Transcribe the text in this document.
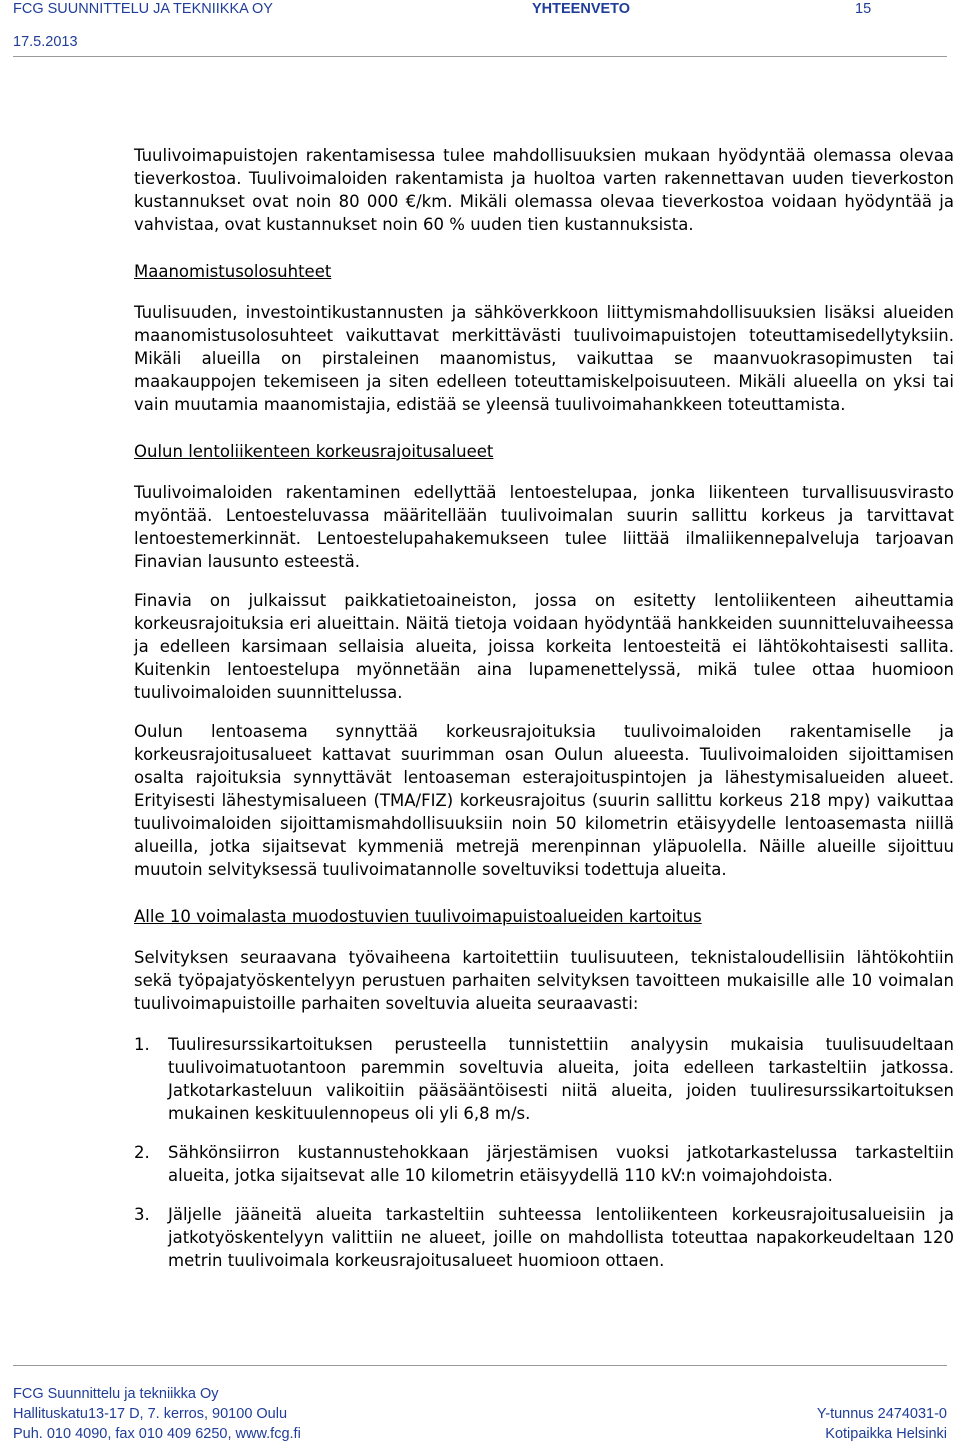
FCG SUUNNITTELU JA TEKNIIKKA OY	YHTEENVETO	15
17.5.2013

Tuulivoimapuistojen rakentamisessa tulee mahdollisuuksien mukaan hyödyntää olemassa olevaa tieverkostoa. Tuulivoimaloiden rakentamista ja huoltoa varten rakennettavan uuden tieverkoston kustannukset ovat noin 80 000 €/km. Mikäli olemassa olevaa tieverkostoa voidaan hyödyntää ja vahvistaa, ovat kustannukset noin 60 % uuden tien kustannuksista.

Maanomistusolosuhteet

Tuulisuuden, investointikustannusten ja sähköverkkoon liittymismahdollisuuksien lisäksi alueiden maanomistusolosuhteet vaikuttavat merkittävästi tuulivoimapuistojen toteuttamisedellytyksiin. Mikäli alueilla on pirstaleinen maanomistus, vaikuttaa se maanvuokrasopimusten tai maakauppojen tekemiseen ja siten edelleen toteuttamiskelpoisuuteen. Mikäli alueella on yksi tai vain muutamia maanomistajia, edistää se yleensä tuulivoimahankkeen toteuttamista.

Oulun lentoliikenteen korkeusrajoitusalueet

Tuulivoimaloiden rakentaminen edellyttää lentoestelupaa, jonka liikenteen turvallisuusvirasto myöntää. Lentoesteluvassa määritellään tuulivoimalan suurin sallittu korkeus ja tarvittavat lentoestemerkinnät. Lentoestelupahakemukseen tulee liittää ilmaliikennepalveluja tarjoavan Finavian lausunto esteestä.

Finavia on julkaissut paikkatietoaineiston, jossa on esitetty lentoliikenteen aiheuttamia korkeusrajoituksia eri alueittain. Näitä tietoja voidaan hyödyntää hankkeiden suunnitteluvaiheessa ja edelleen karsimaan sellaisia alueita, joissa korkeita lentoesteitä ei lähtökohtaisesti sallita. Kuitenkin lentoestelupa myönnetään aina lupamenettelyssä, mikä tulee ottaa huomioon tuulivoimaloiden suunnittelussa.

Oulun lentoasema synnyttää korkeusrajoituksia tuulivoimaloiden rakentamiselle ja korkeusrajoitusalueet kattavat suurimman osan Oulun alueesta. Tuulivoimaloiden sijoittamisen osalta rajoituksia synnyttävät lentoaseman esterajoituspintojen ja lähestymisalueiden alueet. Erityisesti lähestymisalueen (TMA/FIZ) korkeusrajoitus (suurin sallittu korkeus 218 mpy) vaikuttaa tuulivoimaloiden sijoittamismahdollisuuksiin noin 50 kilometrin etäisyydelle lentoasemasta niillä alueilla, jotka sijaitsevat kymmeniä metrejä merenpinnan yläpuolella. Näille alueille sijoittuu muutoin selvityksessä tuulivoimatannolle soveltuviksi todettuja alueita.

Alle 10 voimalasta muodostuvien tuulivoimapuistoalueiden kartoitus

Selvityksen seuraavana työvaiheena kartoitettiin tuulisuuteen, teknistaloudellisiin lähtökohtiin sekä työpajatyöskentelyyn perustuen parhaiten selvityksen tavoitteen mukaisille alle 10 voimalan tuulivoimapuistoille parhaiten soveltuvia alueita seuraavasti:

1. Tuuliresurssikartoituksen perusteella tunnistettiin analyysin mukaisia tuulisuudeltaan tuulivoimatuotantoon paremmin soveltuvia alueita, joita edelleen tarkasteltiin jatkossa. Jatkotarkasteluun valikoitiin pääsääntöisesti niitä alueita, joiden tuuliresurssikartoituksen mukainen keskituulennopeus oli yli 6,8 m/s.
2. Sähkönsiirron kustannustehokkaan järjestämisen vuoksi jatkotarkastelussa tarkasteltiin alueita, jotka sijaitsevat alle 10 kilometrin etäisyydellä 110 kV:n voimajohdoista.
3. Jäljelle jääneitä alueita tarkasteltiin suhteessa lentoliikenteen korkeusrajoitusalueisiin ja jatkotyöskentelyyn valittiin ne alueet, joille on mahdollista toteuttaa napakorkeudeltaan 120 metrin tuulivoimala korkeusrajoitusalueet huomioon ottaen.
FCG Suunnittelu ja tekniikka Oy
Hallituskatu13-17 D, 7. kerros, 90100 Oulu
Puh. 010 4090, fax 010 409 6250, www.fcg.fi
Y-tunnus 2474031-0
Kotipaikka Helsinki
